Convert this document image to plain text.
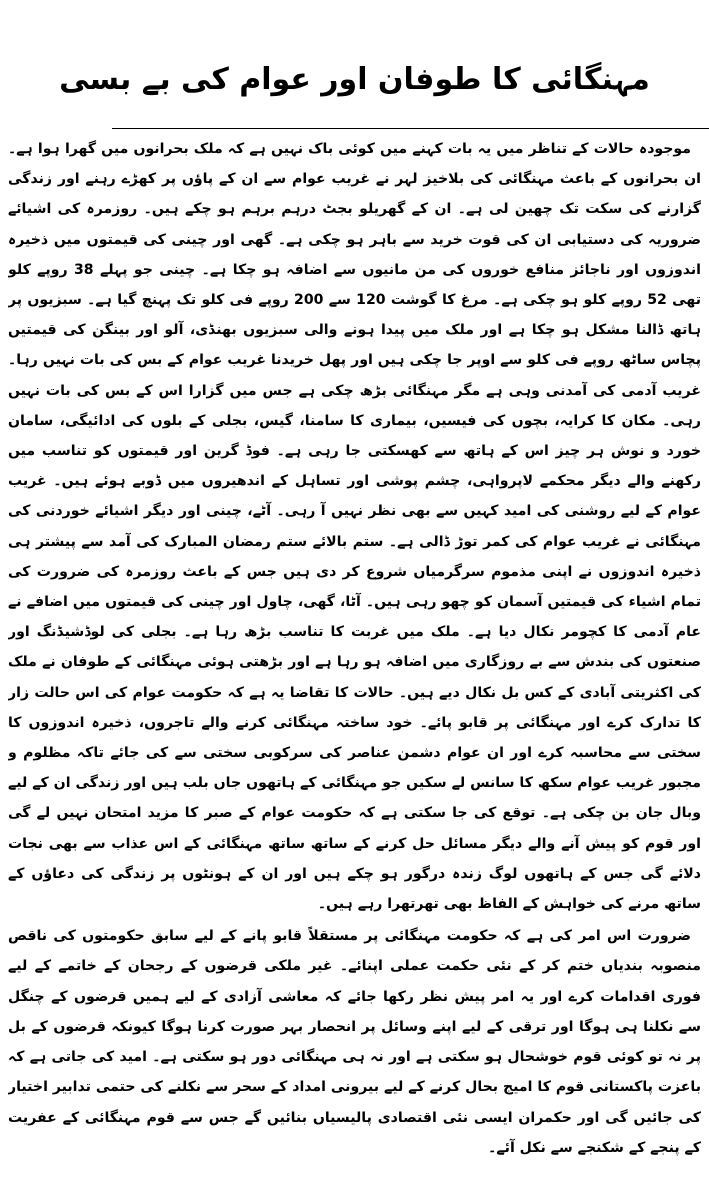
مہنگائی کا طوفان اور عوام کی بے بسی

موجودہ حالات کے تناظر میں یہ بات کہنے میں کوئی باک نہیں ہے کہ ملک بحرانوں میں گھرا ہوا ہے۔ ان بحرانوں کے باعث مہنگائی کی بلاخیز لہر نے غریب عوام سے ان کے پاؤں پر کھڑے رہنے اور زندگی گزارنے کی سکت تک چھین لی ہے۔ ان کے گھریلو بجٹ درہم برہم ہو چکے ہیں۔ روزمرہ کی اشیائے ضروریہ کی دستیابی ان کی قوت خرید سے باہر ہو چکی ہے۔ گھی اور چینی کی قیمتوں میں ذخیرہ اندوزوں اور ناجائز منافع خوروں کی من مانیوں سے اضافہ ہو چکا ہے۔ چینی جو پہلے 38 روپے کلو تھی 52 روپے کلو ہو چکی ہے۔ مرغ کا گوشت 120 سے 200 روپے فی کلو تک پہنچ گیا ہے۔ سبزیوں پر ہاتھ ڈالنا مشکل ہو چکا ہے اور ملک میں پیدا ہونے والی سبزیوں بھنڈی، آلو اور بینگن کی قیمتیں پچاس ساٹھ روپے فی کلو سے اوپر جا چکی ہیں اور پھل خریدنا غریب عوام کے بس کی بات نہیں رہا۔ غریب آدمی کی آمدنی وہی ہے مگر مہنگائی بڑھ چکی ہے جس میں گزارا اس کے بس کی بات نہیں رہی۔ مکان کا کرایہ، بچوں کی فیسیں، بیماری کا سامنا، گیس، بجلی کے بلوں کی ادائیگی، سامان خورد و نوش ہر چیز اس کے ہاتھ سے کھسکتی جا رہی ہے۔ فوڈ گرین اور قیمتوں کو تناسب میں رکھنے والے دیگر محکمے لاپرواہی، چشم پوشی اور تساہل کے اندھیروں میں ڈوبے ہوئے ہیں۔ غریب عوام کے لیے روشنی کی امید کہیں سے بھی نظر نہیں آ رہی۔ آٹے، چینی اور دیگر اشیائے خوردنی کی مہنگائی نے غریب عوام کی کمر توڑ ڈالی ہے۔ ستم بالائے ستم رمضان المبارک کی آمد سے پیشتر ہی ذخیرہ اندوزوں نے اپنی مذموم سرگرمیاں شروع کر دی ہیں جس کے باعث روزمرہ کی ضرورت کی تمام اشیاء کی قیمتیں آسمان کو چھو رہی ہیں۔ آٹا، گھی، چاول اور چینی کی قیمتوں میں اضافے نے عام آدمی کا کچومر نکال دیا ہے۔ ملک میں غربت کا تناسب بڑھ رہا ہے۔ بجلی کی لوڈشیڈنگ اور صنعتوں کی بندش سے بے روزگاری میں اضافہ ہو رہا ہے اور بڑھتی ہوئی مہنگائی کے طوفان نے ملک کی اکثریتی آبادی کے کس بل نکال دیے ہیں۔ حالات کا تقاضا یہ ہے کہ حکومت عوام کی اس حالت زار کا تدارک کرے اور مہنگائی پر قابو پائے۔ خود ساختہ مہنگائی کرنے والے تاجروں، ذخیرہ اندوزوں کا سختی سے محاسبہ کرے اور ان عوام دشمن عناصر کی سرکوبی سختی سے کی جائے تاکہ مظلوم و مجبور غریب عوام سکھ کا سانس لے سکیں جو مہنگائی کے ہاتھوں جاں بلب ہیں اور زندگی ان کے لیے وبال جان بن چکی ہے۔ توقع کی جا سکتی ہے کہ حکومت عوام کے صبر کا مزید امتحان نہیں لے گی اور قوم کو پیش آنے والے دیگر مسائل حل کرنے کے ساتھ ساتھ مہنگائی کے اس عذاب سے بھی نجات دلائے گی جس کے ہاتھوں لوگ زندہ درگور ہو چکے ہیں اور ان کے ہونٹوں پر زندگی کی دعاؤں کے ساتھ مرنے کی خواہش کے الفاظ بھی تھرتھرا رہے ہیں۔

ضرورت اس امر کی ہے کہ حکومت مہنگائی پر مستقلاً قابو پانے کے لیے سابق حکومتوں کی ناقص منصوبہ بندیاں ختم کر کے نئی حکمت عملی اپنائے۔ غیر ملکی قرضوں کے رجحان کے خاتمے کے لیے فوری اقدامات کرے اور یہ امر پیش نظر رکھا جائے کہ معاشی آزادی کے لیے ہمیں قرضوں کے چنگل سے نکلنا ہی ہوگا اور ترقی کے لیے اپنے وسائل پر انحصار بہر صورت کرنا ہوگا کیونکہ قرضوں کے بل پر نہ تو کوئی قوم خوشحال ہو سکتی ہے اور نہ ہی مہنگائی دور ہو سکتی ہے۔ امید کی جاتی ہے کہ باعزت پاکستانی قوم کا امیج بحال کرنے کے لیے بیرونی امداد کے سحر سے نکلنے کی حتمی تدابیر اختیار کی جائیں گی اور حکمران ایسی نئی اقتصادی پالیسیاں بنائیں گے جس سے قوم مہنگائی کے عفریت کے پنجے کے شکنجے سے نکل آئے۔
